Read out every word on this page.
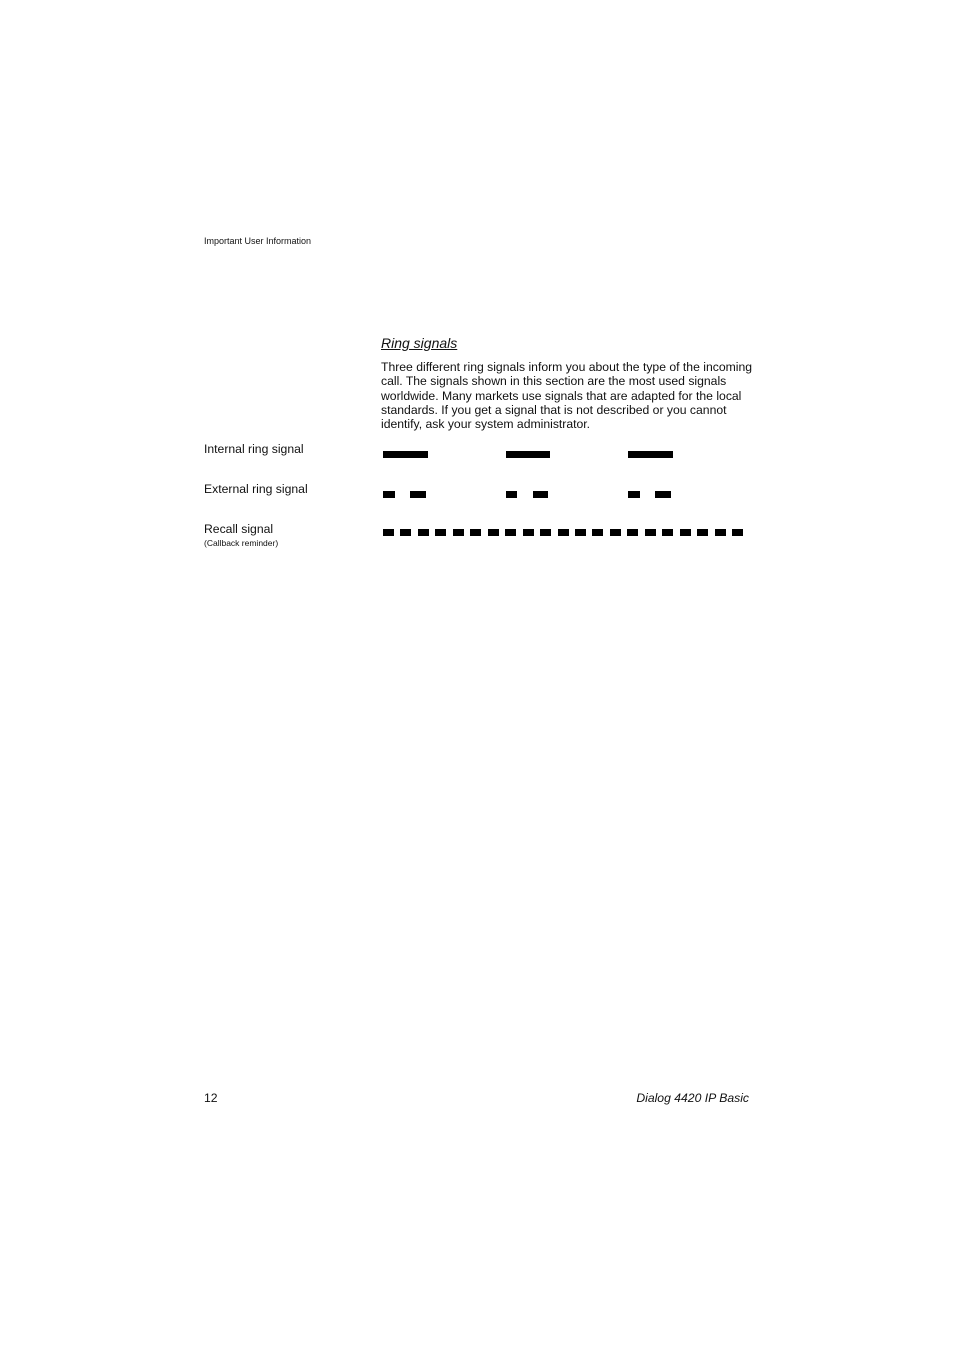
Important User Information
Ring signals

Three different ring signals inform you about the type of the incoming call. The signals shown in this section are the most used signals worldwide. Many markets use signals that are adapted for the local standards. If you get a signal that is not described or you cannot identify, ask your system administrator.

Internal ring signal
External ring signal
Recall signal
(Callback reminder)
12	Dialog 4420 IP Basic
